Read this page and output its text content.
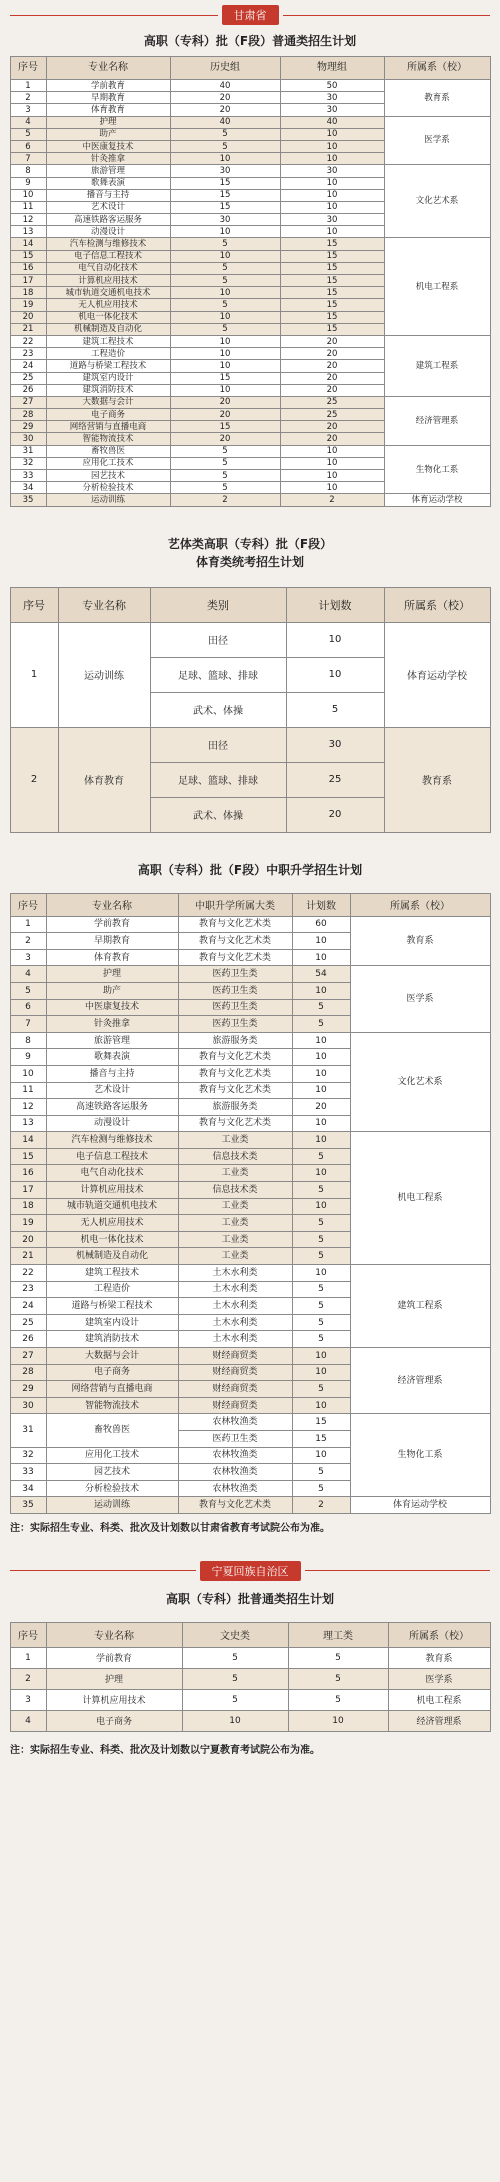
甘肃省
高职（专科）批（F段）普通类招生计划
序号	专业名称	历史组	物理组	所属系（校）
1	学前教育	40	50	教育系
2	早期教育	20	30	
3	体育教育	20	30	
4	护理	40	40	医学系
5	助产	5	10	
6	中医康复技术	5	10	
7	针灸推拿	10	10	
8	旅游管理	30	30	文化艺术系
9	歌舞表演	15	10	
10	播音与主持	15	10	
11	艺术设计	15	10	
12	高速铁路客运服务	30	30	
13	动漫设计	10	10	
14	汽车检测与维修技术	5	15	机电工程系
15	电子信息工程技术	10	15	
16	电气自动化技术	5	15	
17	计算机应用技术	5	15	
18	城市轨道交通机电技术	10	15	
19	无人机应用技术	5	15	
20	机电一体化技术	10	15	
21	机械制造及自动化	5	15	
22	建筑工程技术	10	20	建筑工程系
23	工程造价	10	20	
24	道路与桥梁工程技术	10	20	
25	建筑室内设计	15	20	
26	建筑消防技术	10	20	
27	大数据与会计	20	25	经济管理系
28	电子商务	20	25	
29	网络营销与直播电商	15	20	
30	智能物流技术	20	20	
31	畜牧兽医	5	10	生物化工系
32	应用化工技术	5	10	
33	园艺技术	5	10	
34	分析检验技术	5	10	
35	运动训练	2	2	体育运动学校
艺体类高职（专科）批（F段）
体育类统考招生计划
序号	专业名称	类别	计划数	所属系（校）
1	运动训练	田径	10	体育运动学校
		足球、篮球、排球	10	
		武术、体操	5	
2	体育教育	田径	30	教育系
		足球、篮球、排球	25	
		武术、体操	20	
高职（专科）批（F段）中职升学招生计划
序号	专业名称	中职升学所属大类	计划数	所属系（校）
1	学前教育	教育与文化艺术类	60	教育系
2	早期教育	教育与文化艺术类	10	
3	体育教育	教育与文化艺术类	10	
4	护理	医药卫生类	54	医学系
5	助产	医药卫生类	10	
6	中医康复技术	医药卫生类	5	
7	针灸推拿	医药卫生类	5	
8	旅游管理	旅游服务类	10	文化艺术系
9	歌舞表演	教育与文化艺术类	10	
10	播音与主持	教育与文化艺术类	10	
11	艺术设计	教育与文化艺术类	10	
12	高速铁路客运服务	旅游服务类	20	
13	动漫设计	教育与文化艺术类	10	
14	汽车检测与维修技术	工业类	10	机电工程系
15	电子信息工程技术	信息技术类	5	
16	电气自动化技术	工业类	10	
17	计算机应用技术	信息技术类	5	
18	城市轨道交通机电技术	工业类	10	
19	无人机应用技术	工业类	5	
20	机电一体化技术	工业类	5	
21	机械制造及自动化	工业类	5	
22	建筑工程技术	土木水利类	10	建筑工程系
23	工程造价	土木水利类	5	
24	道路与桥梁工程技术	土木水利类	5	
25	建筑室内设计	土木水利类	5	
26	建筑消防技术	土木水利类	5	
27	大数据与会计	财经商贸类	10	经济管理系
28	电子商务	财经商贸类	10	
29	网络营销与直播电商	财经商贸类	5	
30	智能物流技术	财经商贸类	10	
31	畜牧兽医	农林牧渔类	15	生物化工系
		医药卫生类	15	
32	应用化工技术	农林牧渔类	10	
33	园艺技术	农林牧渔类	5	
34	分析检验技术	农林牧渔类	5	
35	运动训练	教育与文化艺术类	2	体育运动学校
注：实际招生专业、科类、批次及计划数以甘肃省教育考试院公布为准。
宁夏回族自治区
高职（专科）批普通类招生计划
序号	专业名称	文史类	理工类	所属系（校）
1	学前教育	5	5	教育系
2	护理	5	5	医学系
3	计算机应用技术	5	5	机电工程系
4	电子商务	10	10	经济管理系
注：实际招生专业、科类、批次及计划数以宁夏教育考试院公布为准。
